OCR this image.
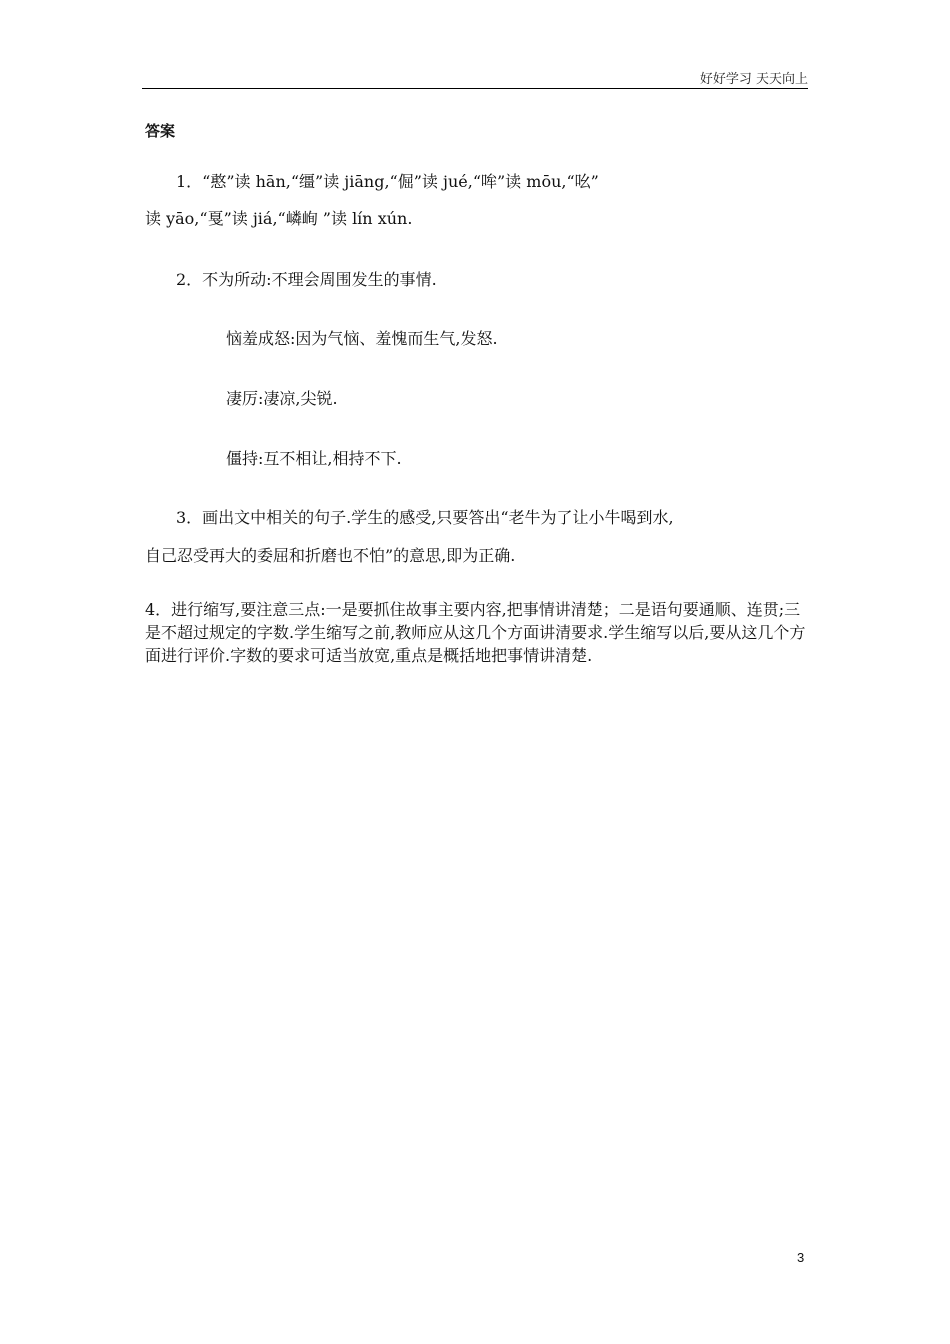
好好学习 天天向上
答案
1．“憨”读 hān,“缰”读 jiāng,“倔”读 jué,“哞”读 mōu,“吆”
读 yāo,“戛”读 jiá,“嶙峋 ”读 lín xún.
2．不为所动:不理会周围发生的事情.
恼羞成怒:因为气恼、羞愧而生气,发怒.
凄厉:凄凉,尖锐.
僵持:互不相让,相持不下.
3．画出文中相关的句子.学生的感受,只要答出“老牛为了让小牛喝到水,
自己忍受再大的委屈和折磨也不怕”的意思,即为正确.
4．进行缩写,要注意三点:一是要抓住故事主要内容,把事情讲清楚；二是语句要通顺、连贯;三是不超过规定的字数.学生缩写之前,教师应从这几个方面讲清要求.学生缩写以后,要从这几个方面进行评价.字数的要求可适当放宽,重点是概括地把事情讲清楚.
3
